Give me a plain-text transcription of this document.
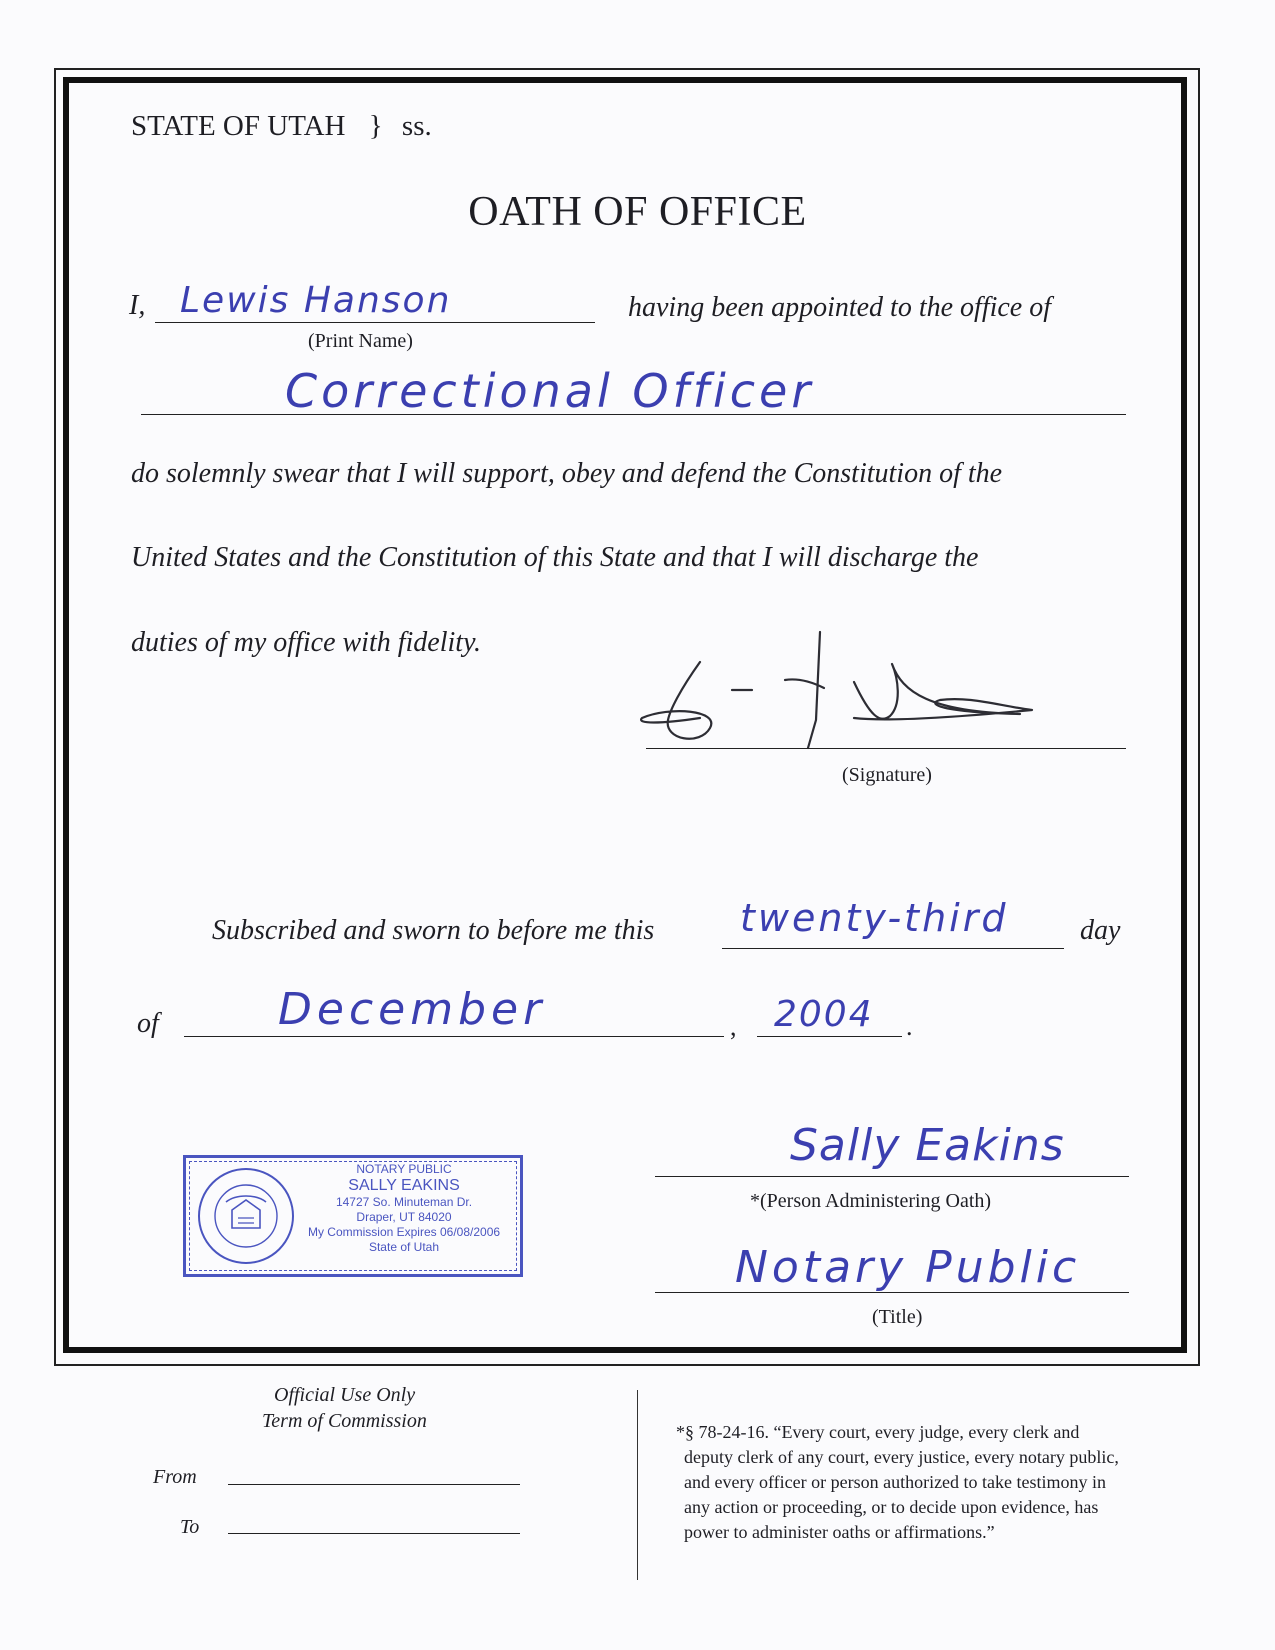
STATE OF UTAH } ss.
OATH OF OFFICE
I, Lewis Hanson
(Print Name)
having been appointed to the office of
Correctional Officer
do solemnly swear that I will support, obey and defend the Constitution of the
United States and the Constitution of this State and that I will discharge the
duties of my office with fidelity.
(Signature)
Subscribed and sworn to before me this twenty-third	day
of	December	, 2004 .
NOTARY PUBLIC
SALLY EAKINS
14727 So. Minuteman Dr.
Draper, UT 84020
My Commission Expires 06/08/2006
State of Utah
Sally Eakins
*(Person Administering Oath)
Notary Public
(Title)
Official Use Only
Term of Commission
From
To
*§ 78-24-16. “Every court, every judge, every clerk and
deputy clerk of any court, every justice, every notary public,
and every officer or person authorized to take testimony in
any action or proceeding, or to decide upon evidence, has
power to administer oaths or affirmations.”
